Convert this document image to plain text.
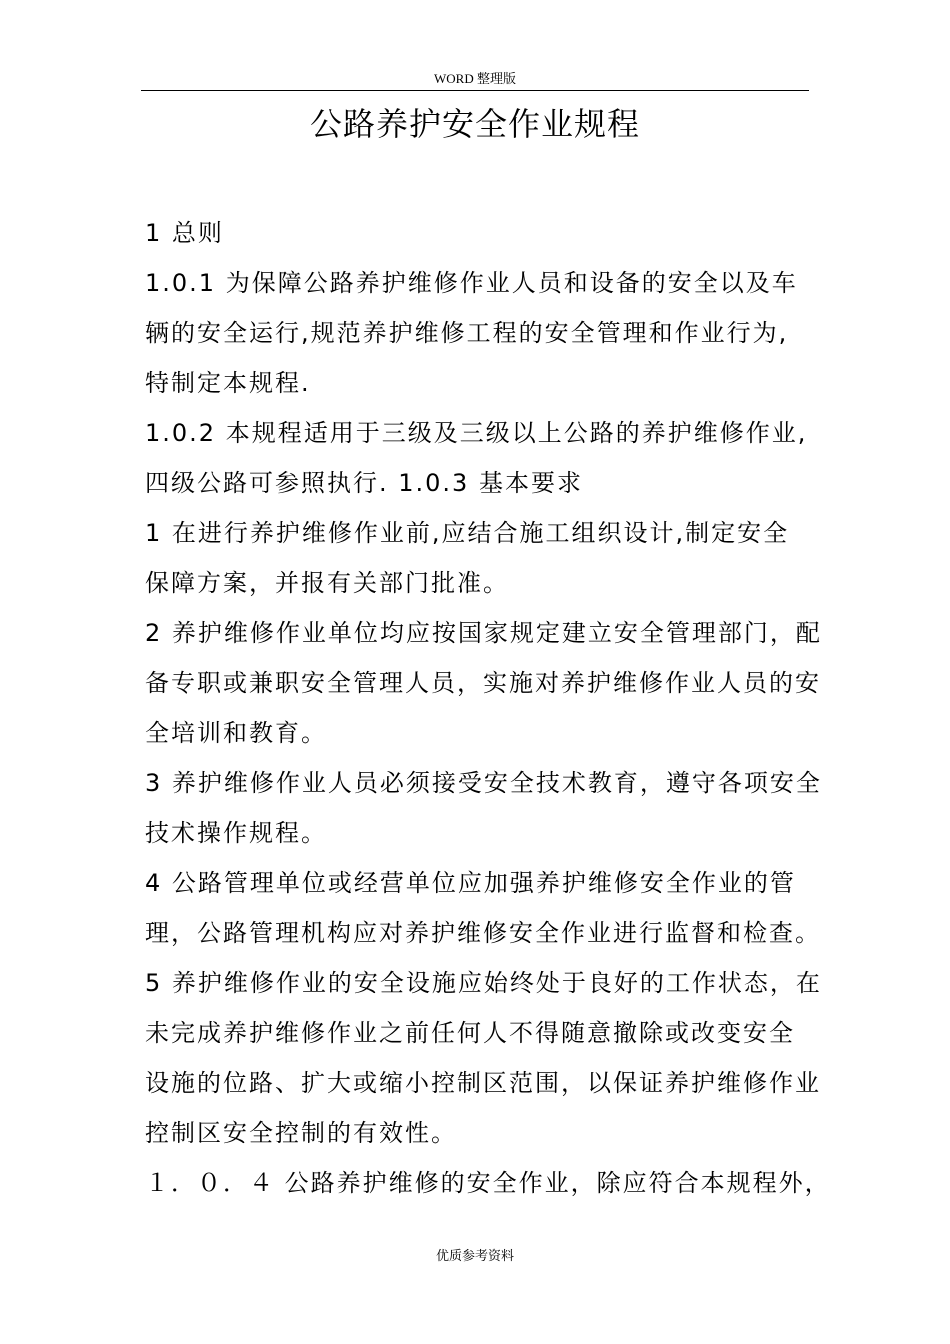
WORD 整理版
公路养护安全作业规程
1 总则
1.0.1 为保障公路养护维修作业人员和设备的安全以及车
辆的安全运行,规范养护维修工程的安全管理和作业行为,
特制定本规程.
1.0.2 本规程适用于三级及三级以上公路的养护维修作业,
四级公路可参照执行. 1.0.3 基本要求
1 在进行养护维修作业前,应结合施工组织设计,制定安全
保障方案，并报有关部门批准。
2 养护维修作业单位均应按国家规定建立安全管理部门，配
备专职或兼职安全管理人员，实施对养护维修作业人员的安
全培训和教育。
3 养护维修作业人员必须接受安全技术教育，遵守各项安全
技术操作规程。
4 公路管理单位或经营单位应加强养护维修安全作业的管
理，公路管理机构应对养护维修安全作业进行监督和检查。
5 养护维修作业的安全设施应始终处于良好的工作状态，在
未完成养护维修作业之前任何人不得随意撤除或改变安全
设施的位路、扩大或缩小控制区范围，以保证养护维修作业
控制区安全控制的有效性。
１．０．４ 公路养护维修的安全作业，除应符合本规程外，
优质参考资料
